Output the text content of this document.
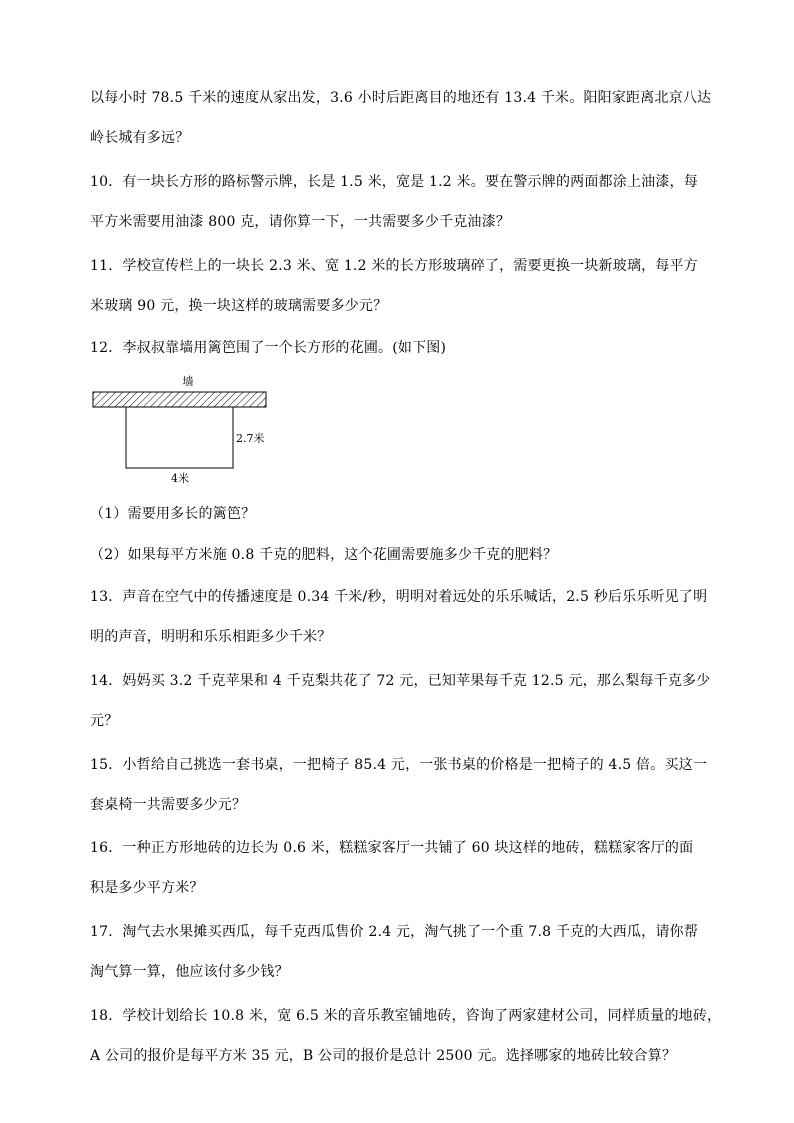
以每小时 78.5 千米的速度从家出发，3.6 小时后距离目的地还有 13.4 千米。阳阳家距离北京八达
岭长城有多远？
10．有一块长方形的路标警示牌，长是 1.5 米，宽是 1.2 米。要在警示牌的两面都涂上油漆，每
平方米需要用油漆 800 克，请你算一下，一共需要多少千克油漆？
11．学校宣传栏上的一块长 2.3 米、宽 1.2 米的长方形玻璃碎了，需要更换一块新玻璃，每平方
米玻璃 90 元，换一块这样的玻璃需要多少元？
12．李叔叔靠墙用篱笆围了一个长方形的花圃。(如下图)
墙
2.7米
4米
（1）需要用多长的篱笆？
（2）如果每平方米施 0.8 千克的肥料，这个花圃需要施多少千克的肥料？
13．声音在空气中的传播速度是 0.34 千米/秒，明明对着远处的乐乐喊话，2.5 秒后乐乐听见了明
明的声音，明明和乐乐相距多少千米？
14．妈妈买 3.2 千克苹果和 4 千克梨共花了 72 元，已知苹果每千克 12.5 元，那么梨每千克多少
元？
15．小哲给自己挑选一套书桌，一把椅子 85.4 元，一张书桌的价格是一把椅子的 4.5 倍。买这一
套桌椅一共需要多少元？
16．一种正方形地砖的边长为 0.6 米，糕糕家客厅一共铺了 60 块这样的地砖，糕糕家客厅的面
积是多少平方米？
17．淘气去水果摊买西瓜，每千克西瓜售价 2.4 元，淘气挑了一个重 7.8 千克的大西瓜，请你帮
淘气算一算，他应该付多少钱？
18．学校计划给长 10.8 米，宽 6.5 米的音乐教室铺地砖，咨询了两家建材公司，同样质量的地砖，
A 公司的报价是每平方米 35 元，B 公司的报价是总计 2500 元。选择哪家的地砖比较合算？
